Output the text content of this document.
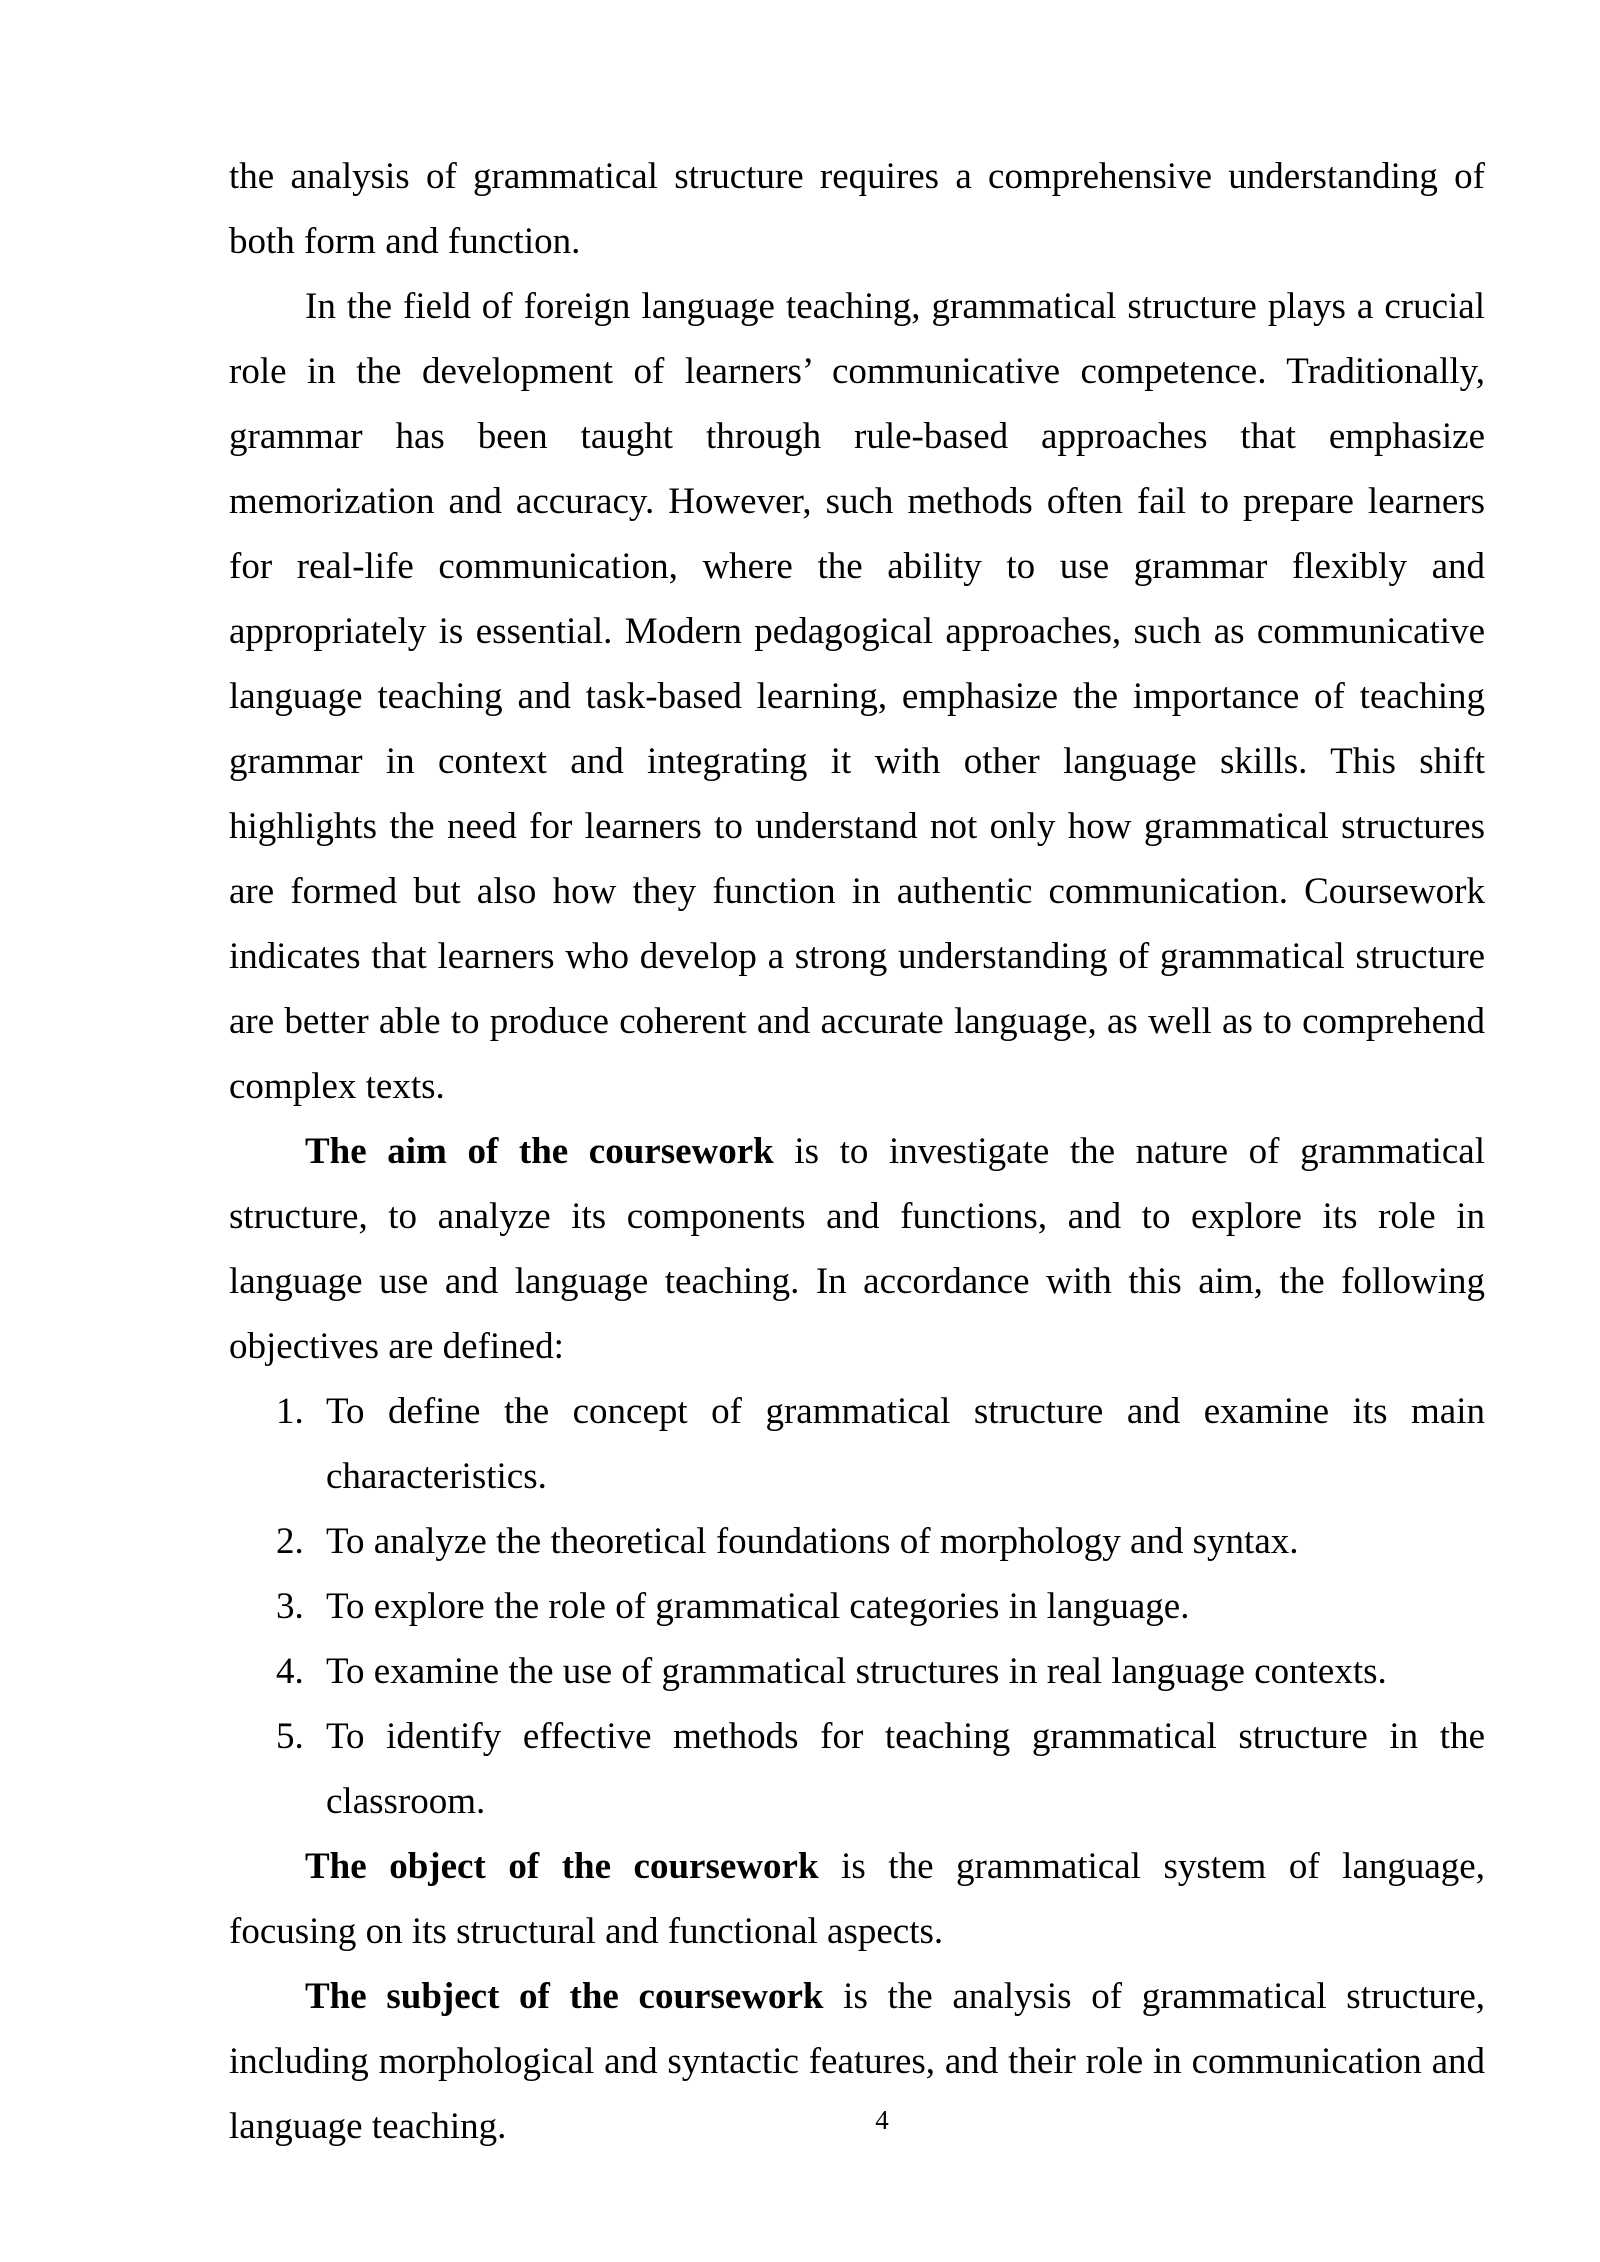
the analysis of grammatical structure requires a comprehensive understanding of both form and function.

In the field of foreign language teaching, grammatical structure plays a crucial role in the development of learners’ communicative competence. Traditionally, grammar has been taught through rule-based approaches that emphasize memorization and accuracy. However, such methods often fail to prepare learners for real-life communication, where the ability to use grammar flexibly and appropriately is essential. Modern pedagogical approaches, such as communicative language teaching and task-based learning, emphasize the importance of teaching grammar in context and integrating it with other language skills. This shift highlights the need for learners to understand not only how grammatical structures are formed but also how they function in authentic communication. Coursework indicates that learners who develop a strong understanding of grammatical structure are better able to produce coherent and accurate language, as well as to comprehend complex texts.

The aim of the coursework is to investigate the nature of grammatical structure, to analyze its components and functions, and to explore its role in language use and language teaching. In accordance with this aim, the following objectives are defined:

1. To define the concept of grammatical structure and examine its main characteristics.
2. To analyze the theoretical foundations of morphology and syntax.
3. To explore the role of grammatical categories in language.
4. To examine the use of grammatical structures in real language contexts.
5. To identify effective methods for teaching grammatical structure in the classroom.

The object of the coursework is the grammatical system of language, focusing on its structural and functional aspects.

The subject of the coursework is the analysis of grammatical structure, including morphological and syntactic features, and their role in communication and language teaching.	4
